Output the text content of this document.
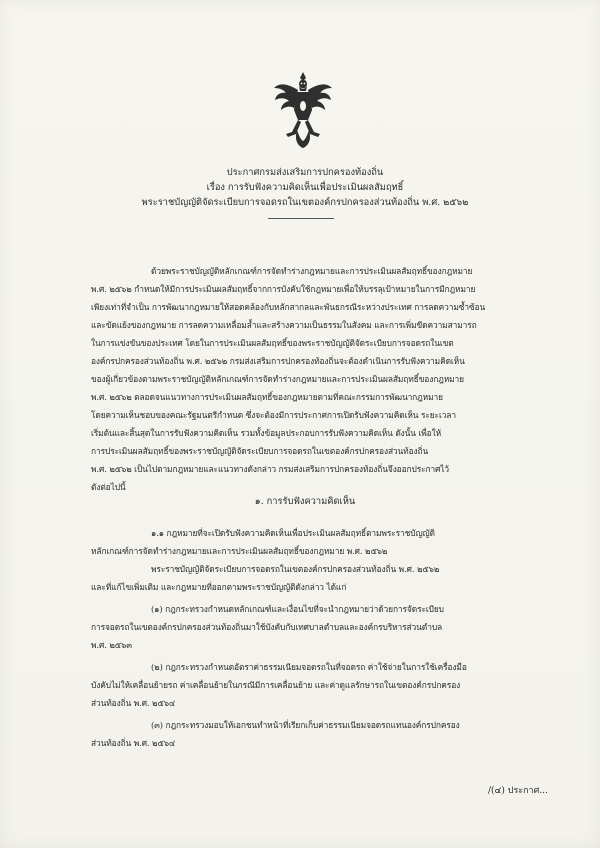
ประกาศกรมส่งเสริมการปกครองท้องถิ่น
เรื่อง การรับฟังความคิดเห็นเพื่อประเมินผลสัมฤทธิ์
พระราชบัญญัติจัดระเบียบการจอดรถในเขตองค์กรปกครองส่วนท้องถิ่น พ.ศ. ๒๕๖๒
ด้วยพระราชบัญญัติหลักเกณฑ์การจัดทำร่างกฎหมายและการประเมินผลสัมฤทธิ์ของกฎหมาย
พ.ศ. ๒๕๖๒ กำหนดให้มีการประเมินผลสัมฤทธิ์จากการบังคับใช้กฎหมายเพื่อให้บรรลุเป้าหมายในการมีกฎหมาย
เพียงเท่าที่จำเป็น การพัฒนากฎหมายให้สอดคล้องกับหลักสากลและพันธกรณีระหว่างประเทศ การลดความซ้ำซ้อน
และขัดแย้งของกฎหมาย การลดความเหลื่อมล้ำและสร้างความเป็นธรรมในสังคม และการเพิ่มขีดความสามารถ
ในการแข่งขันของประเทศ โดยในการประเมินผลสัมฤทธิ์ของพระราชบัญญัติจัดระเบียบการจอดรถในเขต
องค์กรปกครองส่วนท้องถิ่น พ.ศ. ๒๕๖๒ กรมส่งเสริมการปกครองท้องถิ่นจะต้องดำเนินการรับฟังความคิดเห็น
ของผู้เกี่ยวข้องตามพระราชบัญญัติหลักเกณฑ์การจัดทำร่างกฎหมายและการประเมินผลสัมฤทธิ์ของกฎหมาย
พ.ศ. ๒๕๖๒ ตลอดจนแนวทางการประเมินผลสัมฤทธิ์ของกฎหมายตามที่คณะกรรมการพัฒนากฎหมาย
โดยความเห็นชอบของคณะรัฐมนตรีกำหนด ซึ่งจะต้องมีการประกาศการเปิดรับฟังความคิดเห็น ระยะเวลา
เริ่มต้นและสิ้นสุดในการรับฟังความคิดเห็น รวมทั้งข้อมูลประกอบการรับฟังความคิดเห็น ดังนั้น เพื่อให้
การประเมินผลสัมฤทธิ์ของพระราชบัญญัติจัดระเบียบการจอดรถในเขตองค์กรปกครองส่วนท้องถิ่น
พ.ศ. ๒๕๖๒ เป็นไปตามกฎหมายและแนวทางดังกล่าว กรมส่งเสริมการปกครองท้องถิ่นจึงออกประกาศไว้
ดังต่อไปนี้
๑. การรับฟังความคิดเห็น
๑.๑ กฎหมายที่จะเปิดรับฟังความคิดเห็นเพื่อประเมินผลสัมฤทธิ์ตามพระราชบัญญัติ
หลักเกณฑ์การจัดทำร่างกฎหมายและการประเมินผลสัมฤทธิ์ของกฎหมาย พ.ศ. ๒๕๖๒
พระราชบัญญัติจัดระเบียบการจอดรถในเขตองค์กรปกครองส่วนท้องถิ่น พ.ศ. ๒๕๖๒
และที่แก้ไขเพิ่มเติม และกฎหมายที่ออกตามพระราชบัญญัติดังกล่าว ได้แก่
(๑) กฎกระทรวงกำหนดหลักเกณฑ์และเงื่อนไขที่จะนำกฎหมายว่าด้วยการจัดระเบียบ
การจอดรถในเขตองค์กรปกครองส่วนท้องถิ่นมาใช้บังคับกับเทศบาลตำบลและองค์กรบริหารส่วนตำบล
พ.ศ. ๒๕๖๓
(๒) กฎกระทรวงกำหนดอัตราค่าธรรมเนียมจอดรถในที่จอดรถ ค่าใช้จ่ายในการใช้เครื่องมือ
บังคับไม่ให้เคลื่อนย้ายรถ ค่าเคลื่อนย้ายในกรณีมีการเคลื่อนย้าย และค่าดูแลรักษารถในเขตองค์กรปกครอง
ส่วนท้องถิ่น พ.ศ. ๒๕๖๔
(๓) กฎกระทรวงมอบให้เอกชนทำหน้าที่เรียกเก็บค่าธรรมเนียมจอดรถแทนองค์กรปกครอง
ส่วนท้องถิ่น พ.ศ. ๒๕๖๔
/(๔) ประกาศ...
